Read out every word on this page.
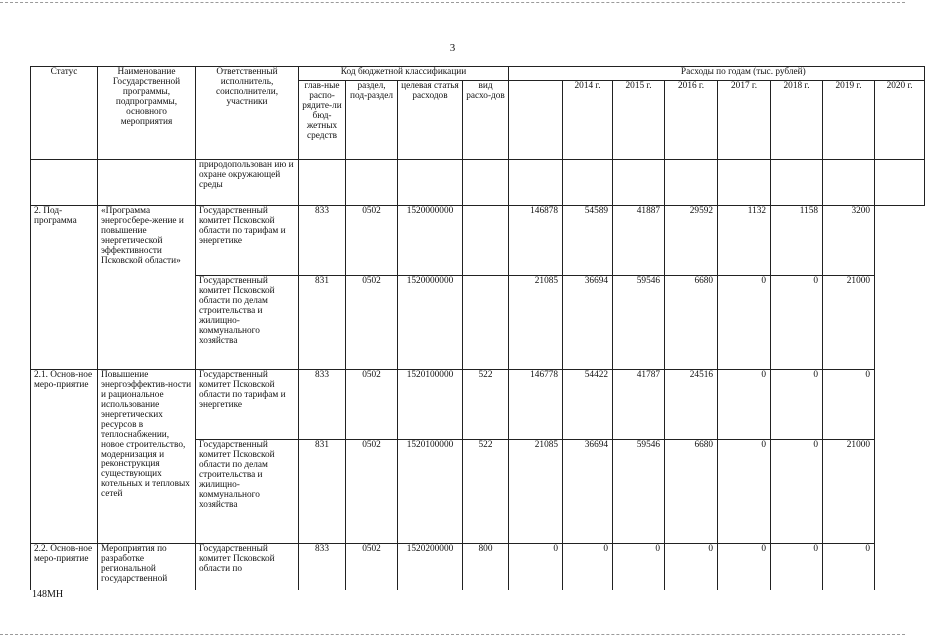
3
Статус	Наименование Государственной программы, подпрограммы, основного мероприятия	Ответственный исполнитель, соисполнители, участники	Код бюджетной классификации					Расходы по годам (тыс. рублей)						
			глав-ные распо-рядите-ли бюд-жетных средств	раздел, под-раздел	целевая статья расходов	вид расхо-дов		2014 г.	2015 г.	2016 г.	2017 г.	2018 г.	2019 г.	2020 г.
		природопользован ию и охране окружающей среды												
2. Под-программа	«Программа энергосбере-жение и повышение энергетической эффективности Псковской области»	Государственный комитет Псковской области по тарифам и энергетике	833	0502	1520000000		146878	54589	41887	29592	1132	1158	3200	
		Государственный комитет Псковской области по делам строительства и жилищно-коммунального хозяйства	831	0502	1520000000		21085	36694	59546	6680	0	0	21000	
2.1. Основ-ное меро-приятие	Повышение энергоэффектив-ности и рациональное использование энергетических ресурсов в теплоснабжении, новое строительство, модернизация и реконструкция существующих котельных и тепловых сетей	Государственный комитет Псковской области по тарифам и энергетике	833	0502	1520100000	522	146778	54422	41787	24516	0	0	0	
		Государственный комитет Псковской области по делам строительства и жилищно-коммунального хозяйства	831	0502	1520100000	522	21085	36694	59546	6680	0	0	21000	
2.2. Основ-ное меро-приятие	Мероприятия по разработке региональной государственной	Государственный комитет Псковской области по	833	0502	1520200000	800	0	0	0	0	0	0	0	
148МН
